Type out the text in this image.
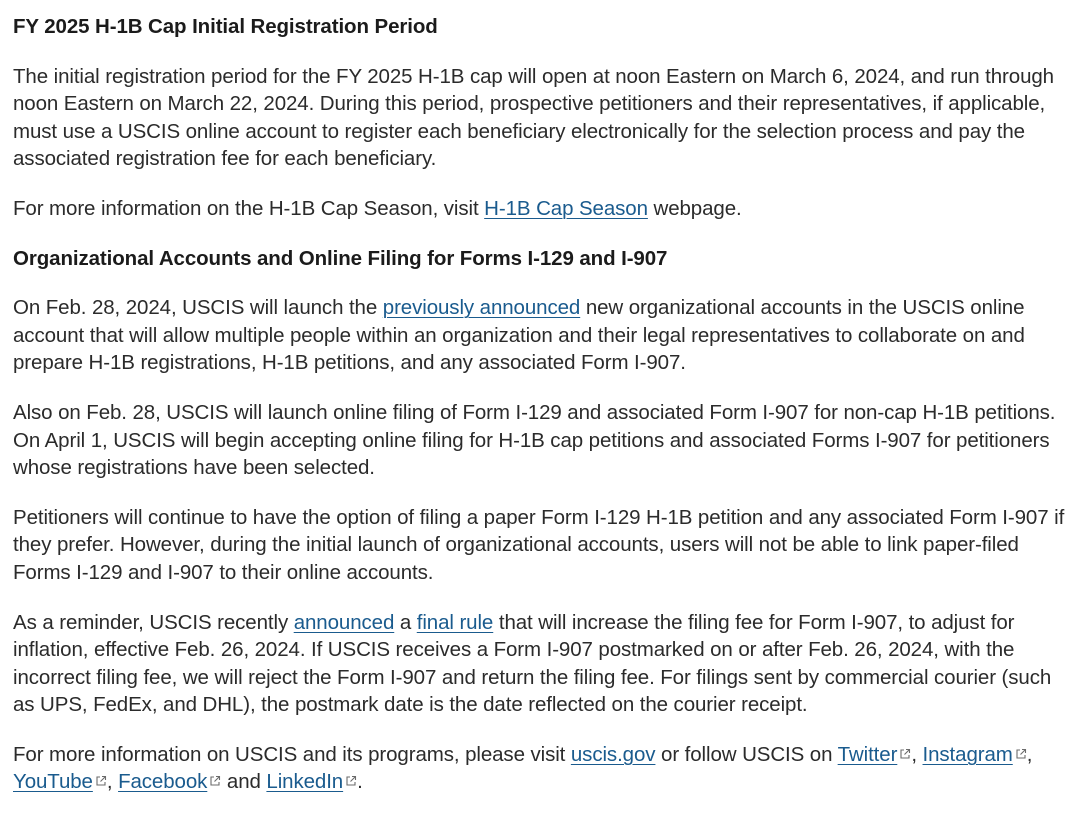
FY 2025 H-1B Cap Initial Registration Period

The initial registration period for the FY 2025 H-1B cap will open at noon Eastern on March 6, 2024, and run through noon Eastern on March 22, 2024. During this period, prospective petitioners and their representatives, if applicable, must use a USCIS online account to register each beneficiary electronically for the selection process and pay the associated registration fee for each beneficiary.

For more information on the H-1B Cap Season, visit H-1B Cap Season webpage.

Organizational Accounts and Online Filing for Forms I-129 and I-907

On Feb. 28, 2024, USCIS will launch the previously announced new organizational accounts in the USCIS online account that will allow multiple people within an organization and their legal representatives to collaborate on and prepare H-1B registrations, H-1B petitions, and any associated Form I-907.

Also on Feb. 28, USCIS will launch online filing of Form I-129 and associated Form I-907 for non-cap H-1B petitions. On April 1, USCIS will begin accepting online filing for H-1B cap petitions and associated Forms I-907 for petitioners whose registrations have been selected.

Petitioners will continue to have the option of filing a paper Form I-129 H-1B petition and any associated Form I-907 if they prefer. However, during the initial launch of organizational accounts, users will not be able to link paper-filed Forms I-129 and I-907 to their online accounts.

As a reminder, USCIS recently announced a final rule that will increase the filing fee for Form I-907, to adjust for inflation, effective Feb. 26, 2024. If USCIS receives a Form I-907 postmarked on or after Feb. 26, 2024, with the incorrect filing fee, we will reject the Form I-907 and return the filing fee. For filings sent by commercial courier (such as UPS, FedEx, and DHL), the postmark date is the date reflected on the courier receipt.

For more information on USCIS and its programs, please visit uscis.gov or follow USCIS on Twitter , Instagram , YouTube , Facebook
and LinkedIn .
